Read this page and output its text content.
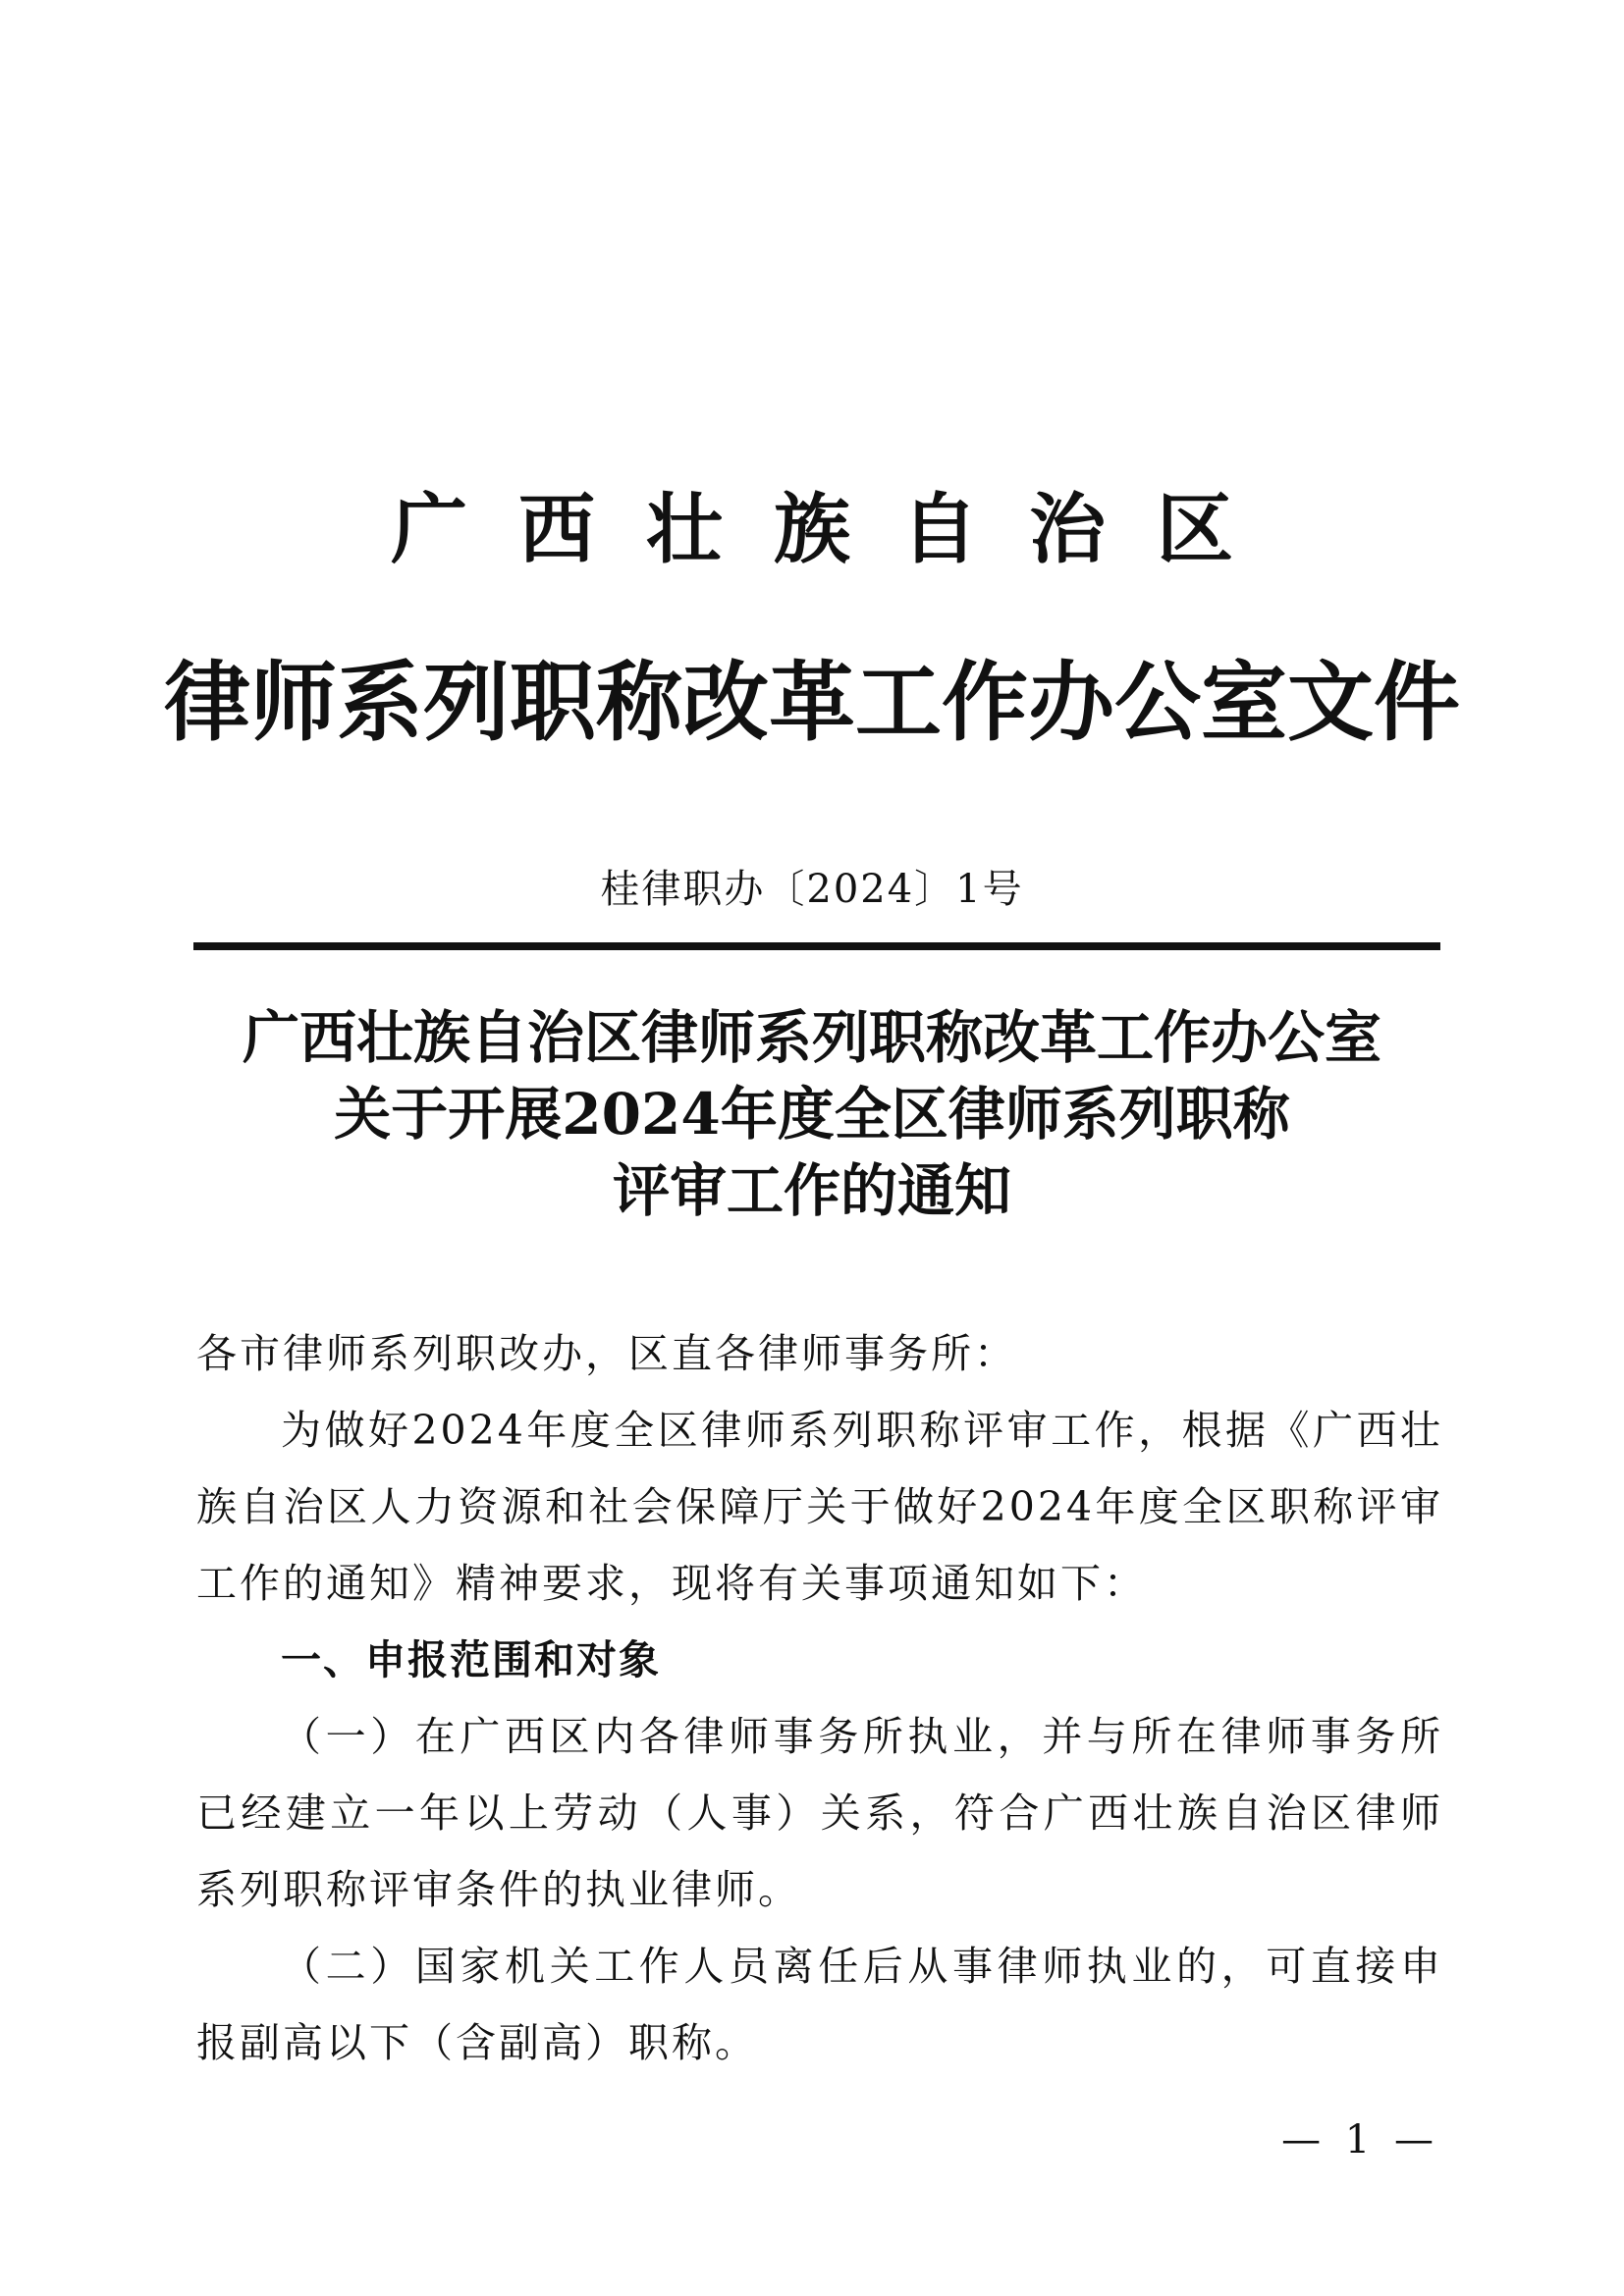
广西壮族自治区
律师系列职称改革工作办公室文件
桂律职办〔2024〕1号
广西壮族自治区律师系列职称改革工作办公室
关于开展2024年度全区律师系列职称
评审工作的通知

各市律师系列职改办，区直各律师事务所：

为做好2024年度全区律师系列职称评审工作，根据《广西壮族自治区人力资源和社会保障厅关于做好2024年度全区职称评审工作的通知》精神要求，现将有关事项通知如下：

一、申报范围和对象

（一）在广西区内各律师事务所执业，并与所在律师事务所已经建立一年以上劳动（人事）关系，符合广西壮族自治区律师系列职称评审条件的执业律师。

（二）国家机关工作人员离任后从事律师执业的，可直接申报副高以下（含副高）职称。

— 1 —
